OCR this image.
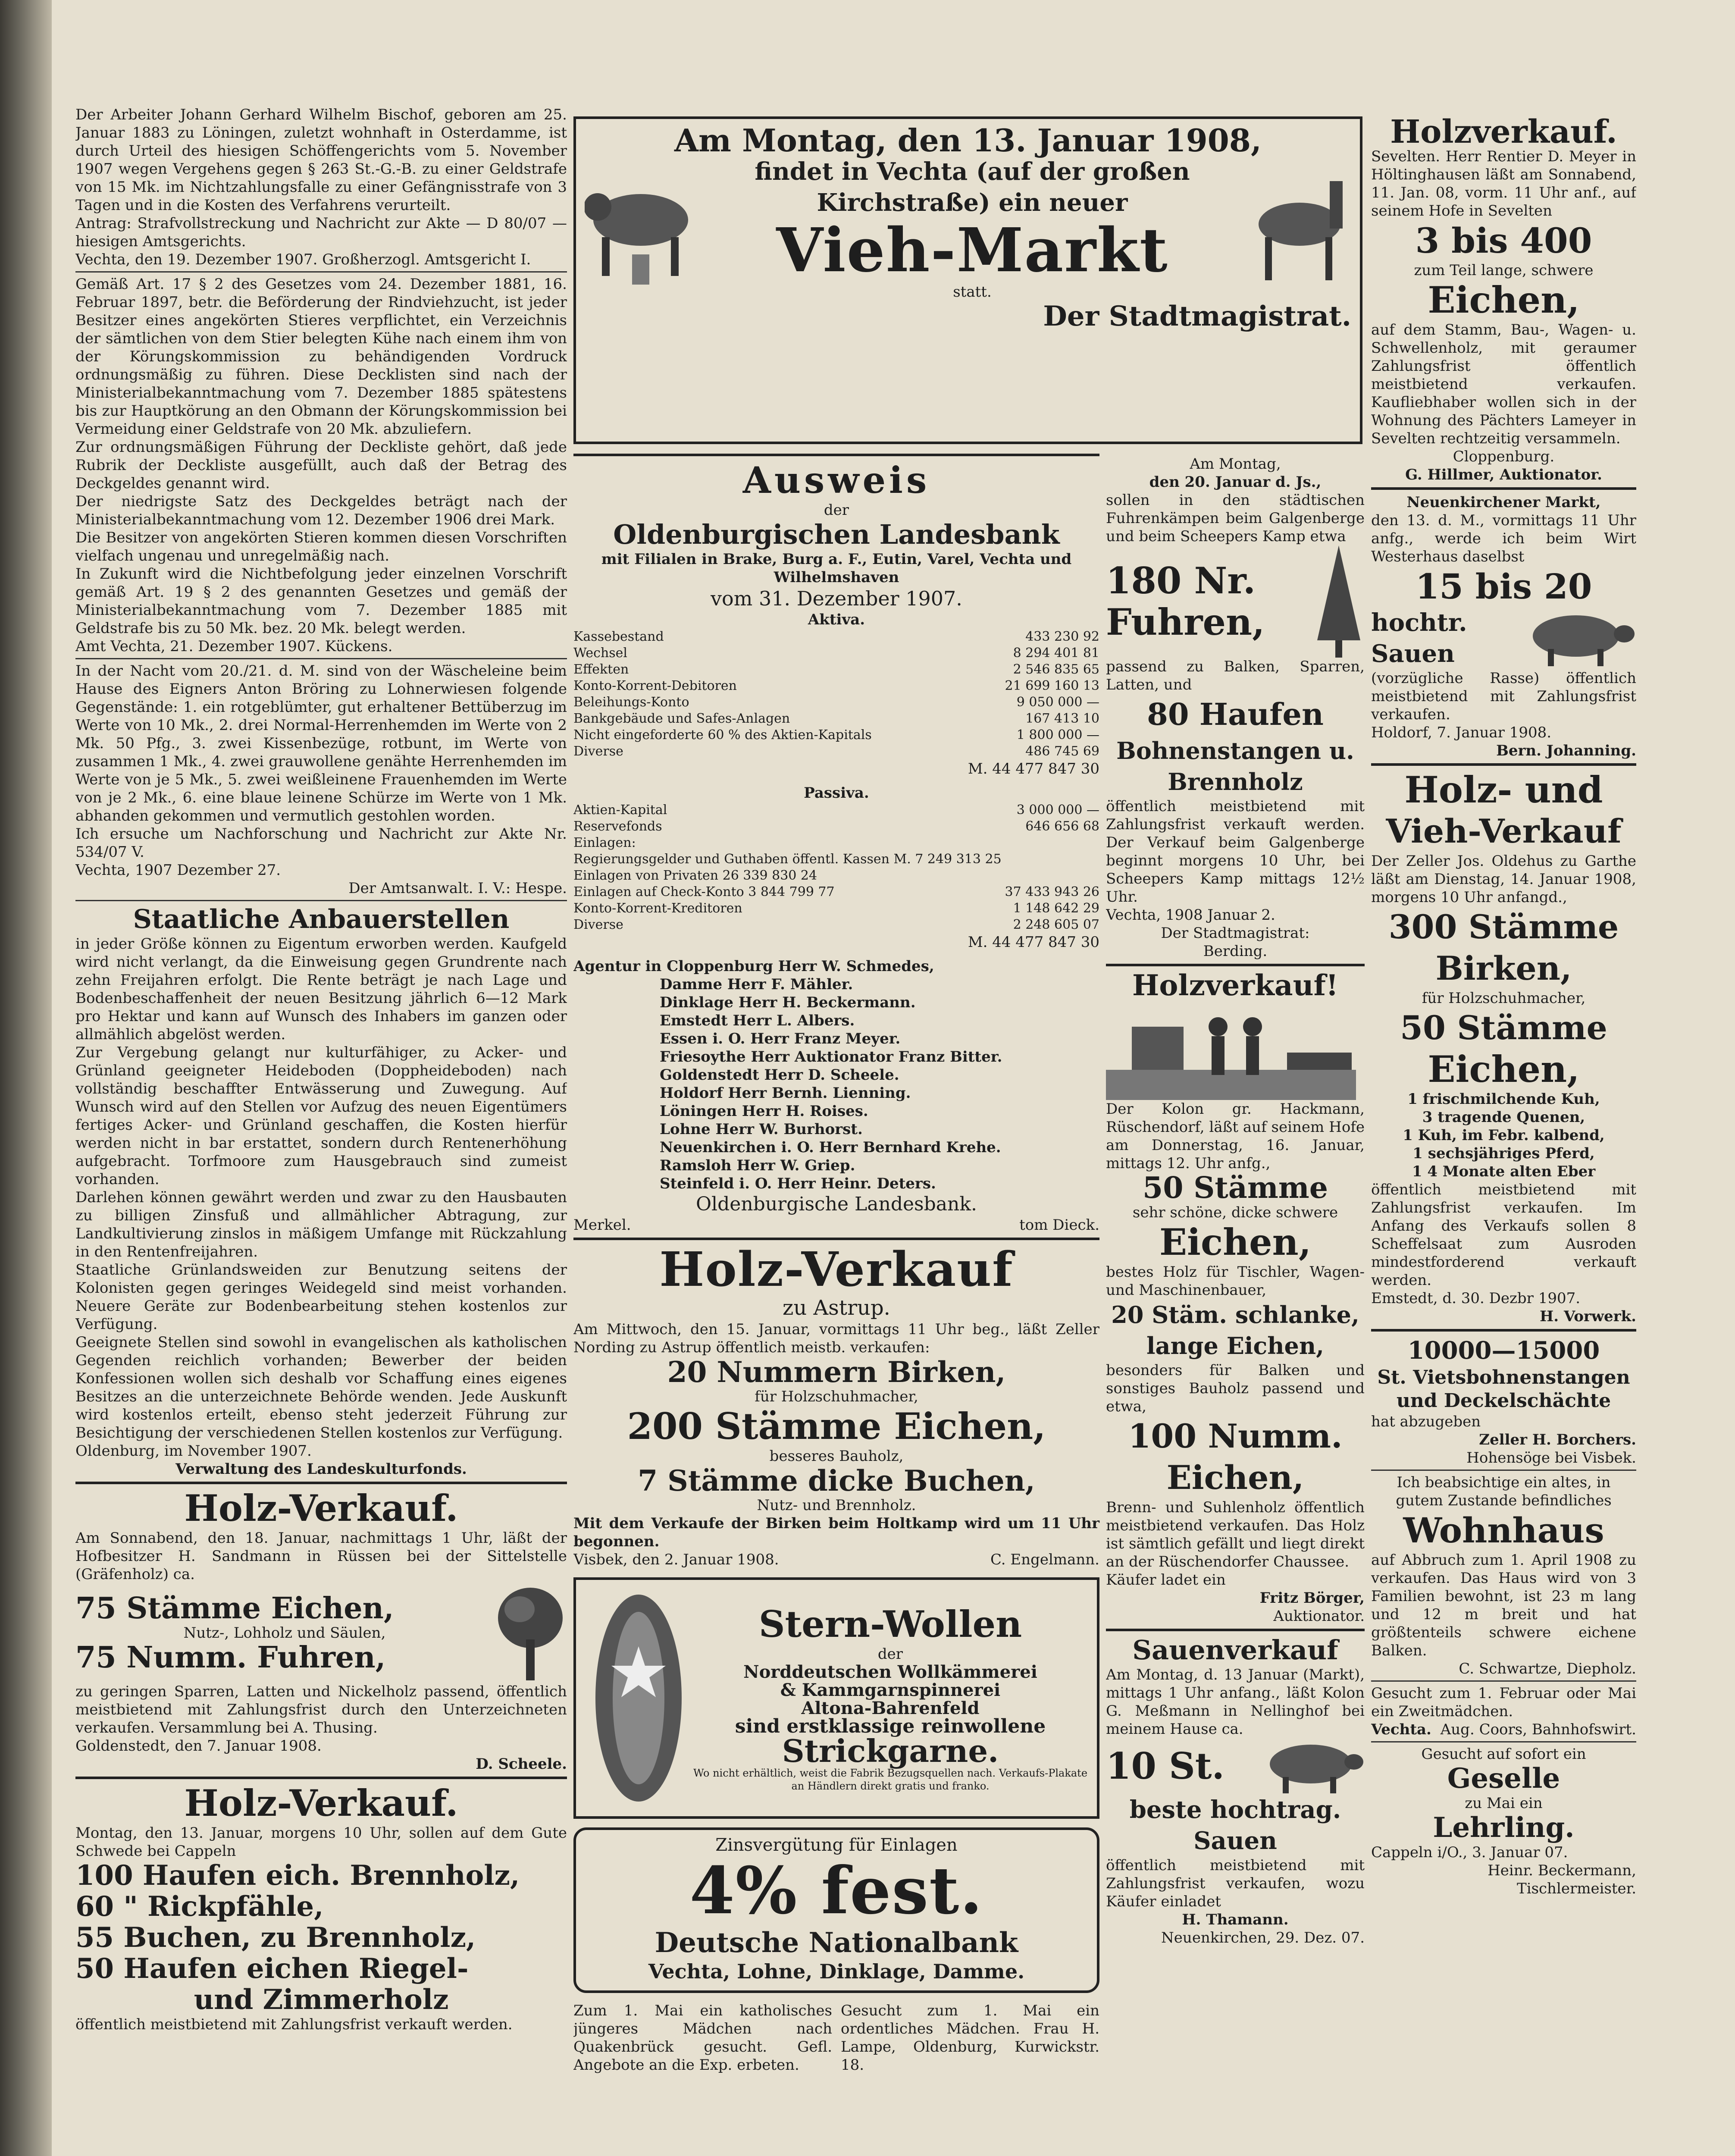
Der Arbeiter Johann Gerhard Wilhelm Bischof, geboren am 25. Januar 1883 zu Löningen, zuletzt wohnhaft in Osterdamme, ist durch Urteil des hiesigen Schöffengerichts vom 5. November 1907 wegen Vergehens gegen § 263 St.-G.-B. zu einer Geldstrafe von 15 Mk. im Nichtzahlungsfalle zu einer Gefängnisstrafe von 3 Tagen und in die Kosten des Verfahrens verurteilt.

Antrag: Strafvollstreckung und Nachricht zur Akte — D 80/07 — hiesigen Amtsgerichts.

Vechta, den 19. Dezember 1907. Großherzogl. Amtsgericht I.

Gemäß Art. 17 § 2 des Gesetzes vom 24. Dezember 1881, 16. Februar 1897, betr. die Beförderung der Rindviehzucht, ist jeder Besitzer eines angekörten Stieres verpflichtet, ein Verzeichnis der sämtlichen von dem Stier belegten Kühe nach einem ihm von der Körungskommission zu behändigenden Vordruck ordnungsmäßig zu führen. Diese Decklisten sind nach der Ministerialbekanntmachung vom 7. Dezember 1885 spätestens bis zur Hauptkörung an den Obmann der Körungskommission bei Vermeidung einer Geldstrafe von 20 Mk. abzuliefern.

Zur ordnungsmäßigen Führung der Deckliste gehört, daß jede Rubrik der Deckliste ausgefüllt, auch daß der Betrag des Deckgeldes genannt wird.

Der niedrigste Satz des Deckgeldes beträgt nach der Ministerialbekanntmachung vom 12. Dezember 1906 drei Mark.

Die Besitzer von angekörten Stieren kommen diesen Vorschriften vielfach ungenau und unregelmäßig nach.

In Zukunft wird die Nichtbefolgung jeder einzelnen Vorschrift gemäß Art. 19 § 2 des genannten Gesetzes und gemäß der Ministerialbekanntmachung vom 7. Dezember 1885 mit Geldstrafe bis zu 50 Mk. bez. 20 Mk. belegt werden.

Amt Vechta, 21. Dezember 1907. Kückens.

In der Nacht vom 20./21. d. M. sind von der Wäscheleine beim Hause des Eigners Anton Bröring zu Lohnerwiesen folgende Gegenstände: 1. ein rotgeblümter, gut erhaltener Bettüberzug im Werte von 10 Mk., 2. drei Normal-Herrenhemden im Werte von 2 Mk. 50 Pfg., 3. zwei Kissenbezüge, rotbunt, im Werte von zusammen 1 Mk., 4. zwei grauwollene genähte Herrenhemden im Werte von je 5 Mk., 5. zwei weißleinene Frauenhemden im Werte von je 2 Mk., 6. eine blaue leinene Schürze im Werte von 1 Mk. abhanden gekommen und vermutlich gestohlen worden.

Ich ersuche um Nachforschung und Nachricht zur Akte Nr. 534/07 V.

Vechta, 1907 Dezember 27.

Der Amtsanwalt. I. V.: Hespe.

Staatliche Anbauerstellen

in jeder Größe können zu Eigentum erworben werden. Kaufgeld wird nicht verlangt, da die Einweisung gegen Grundrente nach zehn Freijahren erfolgt. Die Rente beträgt je nach Lage und Bodenbeschaffenheit der neuen Besitzung jährlich 6—12 Mark pro Hektar und kann auf Wunsch des Inhabers im ganzen oder allmählich abgelöst werden.

Zur Vergebung gelangt nur kulturfähiger, zu Acker- und Grünland geeigneter Heideboden (Doppheideboden) nach vollständig beschaffter Entwässerung und Zuwegung. Auf Wunsch wird auf den Stellen vor Aufzug des neuen Eigentümers fertiges Acker- und Grünland geschaffen, die Kosten hierfür werden nicht in bar erstattet, sondern durch Rentenerhöhung aufgebracht. Torfmoore zum Hausgebrauch sind zumeist vorhanden.

Darlehen können gewährt werden und zwar zu den Hausbauten zu billigen Zinsfuß und allmählicher Abtragung, zur Landkultivierung zinslos in mäßigem Umfange mit Rückzahlung in den Rentenfreijahren.

Staatliche Grünlandsweiden zur Benutzung seitens der Kolonisten gegen geringes Weidegeld sind meist vorhanden. Neuere Geräte zur Bodenbearbeitung stehen kostenlos zur Verfügung.

Geeignete Stellen sind sowohl in evangelischen als katholischen Gegenden reichlich vorhanden; Bewerber der beiden Konfessionen wollen sich deshalb vor Schaffung eines eigenes Besitzes an die unterzeichnete Behörde wenden. Jede Auskunft wird kostenlos erteilt, ebenso steht jederzeit Führung zur Besichtigung der verschiedenen Stellen kostenlos zur Verfügung.

Oldenburg, im November 1907.

Verwaltung des Landeskulturfonds.

Holz-Verkauf.

Am Sonnabend, den 18. Januar, nachmittags 1 Uhr, läßt der Hofbesitzer H. Sandmann in Rüssen bei der Sittelstelle (Gräfenholz) ca.

75 Stämme Eichen,

Nutz-, Lohholz und Säulen,

75 Numm. Fuhren,

zu geringen Sparren, Latten und Nickelholz passend, öffentlich meistbietend mit Zahlungsfrist durch den Unterzeichneten verkaufen. Versammlung bei A. Thusing.

Goldenstedt, den 7. Januar 1908.

D. Scheele.

Holz-Verkauf.

Montag, den 13. Januar, morgens 10 Uhr, sollen auf dem Gute Schwede bei Cappeln

100 Haufen eich. Brennholz,

60 " Rickpfähle,

55 Buchen, zu Brennholz,

50 Haufen eichen Riegel-

und Zimmerholz

öffentlich meistbietend mit Zahlungsfrist verkauft werden.

Am Montag, den 13. Januar 1908,

findet in Vechta (auf der großen

Kirchstraße) ein neuer

Vieh-Markt

statt.

Der Stadtmagistrat.

Ausweis

der

Oldenburgischen Landesbank

mit Filialen in Brake, Burg a. F., Eutin, Varel, Vechta und Wilhelmshaven

vom 31. Dezember 1907.

Aktiva.

Kassebestand	433 230 92
Wechsel	8 294 401 81
Effekten	2 546 835 65
Konto-Korrent-Debitoren	21 699 160 13
Beleihungs-Konto	9 050 000 —
Bankgebäude und Safes-Anlagen	167 413 10
Nicht eingeforderte 60 % des Aktien-Kapitals	1 800 000 —
Diverse	486 745 69

M. 44 477 847 30

Passiva.

Aktien-Kapital	3 000 000 —
Reservefonds	646 656 68
Einlagen:
Regierungsgelder und Guthaben öffentl. Kassen M. 7 249 313 25
Einlagen von Privaten 26 339 830 24
Einlagen auf Check-Konto 3 844 799 77	37 433 943 26
Konto-Korrent-Kreditoren	1 148 642 29
Diverse	2 248 605 07

M. 44 477 847 30

Agentur in Cloppenburg Herr W. Schmedes,

Damme Herr F. Mähler.

Dinklage Herr H. Beckermann.

Emstedt Herr L. Albers.

Essen i. O. Herr Franz Meyer.

Friesoythe Herr Auktionator Franz Bitter.

Goldenstedt Herr D. Scheele.

Holdorf Herr Bernh. Lienning.

Löningen Herr H. Roises.

Lohne Herr W. Burhorst.

Neuenkirchen i. O. Herr Bernhard Krehe.

Ramsloh Herr W. Griep.

Steinfeld i. O. Herr Heinr. Deters.

Oldenburgische Landesbank.

Merkel.	tom Dieck.

Holz-Verkauf

zu Astrup.

Am Mittwoch, den 15. Januar, vormittags 11 Uhr beg., läßt Zeller Nording zu Astrup öffentlich meistb. verkaufen:

20 Nummern Birken,

für Holzschuhmacher,

200 Stämme Eichen,

besseres Bauholz,

7 Stämme dicke Buchen,

Nutz- und Brennholz.

Mit dem Verkaufe der Birken beim Holtkamp wird um 11 Uhr begonnen.

Visbek, den 2. Januar 1908.	C. Engelmann.

Stern-Wollen

der

Norddeutschen Wollkämmerei

& Kammgarnspinnerei

Altona-Bahrenfeld

sind erstklassige reinwollene

Strickgarne.

Wo nicht erhältlich, weist die Fabrik Bezugsquellen nach. Verkaufs-Plakate an Händlern direkt gratis und franko.

Zinsvergütung für Einlagen

4% fest.

Deutsche Nationalbank

Vechta, Lohne, Dinklage, Damme.

Zum 1. Mai ein katholisches jüngeres Mädchen nach Quakenbrück gesucht. Gefl. Angebote an die Exp. erbeten.

Gesucht zum 1. Mai ein ordentliches Mädchen. Frau H. Lampe, Oldenburg, Kurwickstr. 18.

Am Montag,

den 20. Januar d. Js.,

sollen in den städtischen Fuhrenkämpen beim Galgenberge und beim Scheepers Kamp etwa

180 Nr.

Fuhren,

passend zu Balken, Sparren, Latten, und

80 Haufen

Bohnenstangen u. Brennholz

öffentlich meistbietend mit Zahlungsfrist verkauft werden. Der Verkauf beim Galgenberge beginnt morgens 10 Uhr, bei Scheepers Kamp mittags 12½ Uhr.

Vechta, 1908 Januar 2.

Der Stadtmagistrat:

Berding.

Holzverkauf!

Der Kolon gr. Hackmann, Rüschendorf, läßt auf seinem Hofe am Donnerstag, 16. Januar, mittags 12. Uhr anfg.,

50 Stämme

sehr schöne, dicke schwere

Eichen,

bestes Holz für Tischler, Wagen- und Maschinenbauer,

20 Stäm. schlanke, lange Eichen,

besonders für Balken und sonstiges Bauholz passend und etwa,

100 Numm. Eichen,

Brenn- und Suhlenholz öffentlich meistbietend verkaufen. Das Holz ist sämtlich gefällt und liegt direkt an der Rüschendorfer Chaussee.

Käufer ladet ein

Fritz Börger,

Auktionator.

Sauenverkauf

Am Montag, d. 13 Januar (Markt), mittags 1 Uhr anfang., läßt Kolon G. Meßmann in Nellinghof bei meinem Hause ca.

10 St.

beste hochtrag. Sauen

öffentlich meistbietend mit Zahlungsfrist verkaufen, wozu Käufer einladet

H. Thamann.

Neuenkirchen, 29. Dez. 07.

Holzverkauf.

Sevelten. Herr Rentier D. Meyer in Höltinghausen läßt am Sonnabend, 11. Jan. 08, vorm. 11 Uhr anf., auf seinem Hofe in Sevelten

3 bis 400

zum Teil lange, schwere

Eichen,

auf dem Stamm, Bau-, Wagen- u. Schwellenholz, mit geraumer Zahlungsfrist öffentlich meistbietend verkaufen. Kaufliebhaber wollen sich in der Wohnung des Pächters Lameyer in Sevelten rechtzeitig versammeln.

Cloppenburg.

G. Hillmer, Auktionator.

Neuenkirchener Markt,

den 13. d. M., vormittags 11 Uhr anfg., werde ich beim Wirt Westerhaus daselbst

15 bis 20

hochtr. Sauen

(vorzügliche Rasse) öffentlich meistbietend mit Zahlungsfrist verkaufen.

Holdorf, 7. Januar 1908.

Bern. Johanning.

Holz- und

Vieh-Verkauf

Der Zeller Jos. Oldehus zu Garthe läßt am Dienstag, 14. Januar 1908, morgens 10 Uhr anfangd.,

300 Stämme

Birken,

für Holzschuhmacher,

50 Stämme

Eichen,

1 frischmilchende Kuh,

3 tragende Quenen,

1 Kuh, im Febr. kalbend,

1 sechsjähriges Pferd,

1 4 Monate alten Eber

öffentlich meistbietend mit Zahlungsfrist verkaufen. Im Anfang des Verkaufs sollen 8 Scheffelsaat zum Ausroden mindestforderend verkauft werden.

Emstedt, d. 30. Dezbr 1907.

H. Vorwerk.

10000—15000

St. Vietsbohnenstangen und Deckelschächte

hat abzugeben

Zeller H. Borchers.

Hohensöge bei Visbek.

Ich beabsichtige ein altes, in gutem Zustande befindliches

Wohnhaus

auf Abbruch zum 1. April 1908 zu verkaufen. Das Haus wird von 3 Familien bewohnt, ist 23 m lang und 12 m breit und hat größtenteils schwere eichene Balken.

C. Schwartze, Diepholz.

Gesucht zum 1. Februar oder Mai ein Zweitmädchen.

Vechta. Aug. Coors, Bahnhofswirt.

Gesucht auf sofort ein

Geselle

zu Mai ein

Lehrling.

Cappeln i/O., 3. Januar 07.

Heinr. Beckermann, Tischlermeister.
